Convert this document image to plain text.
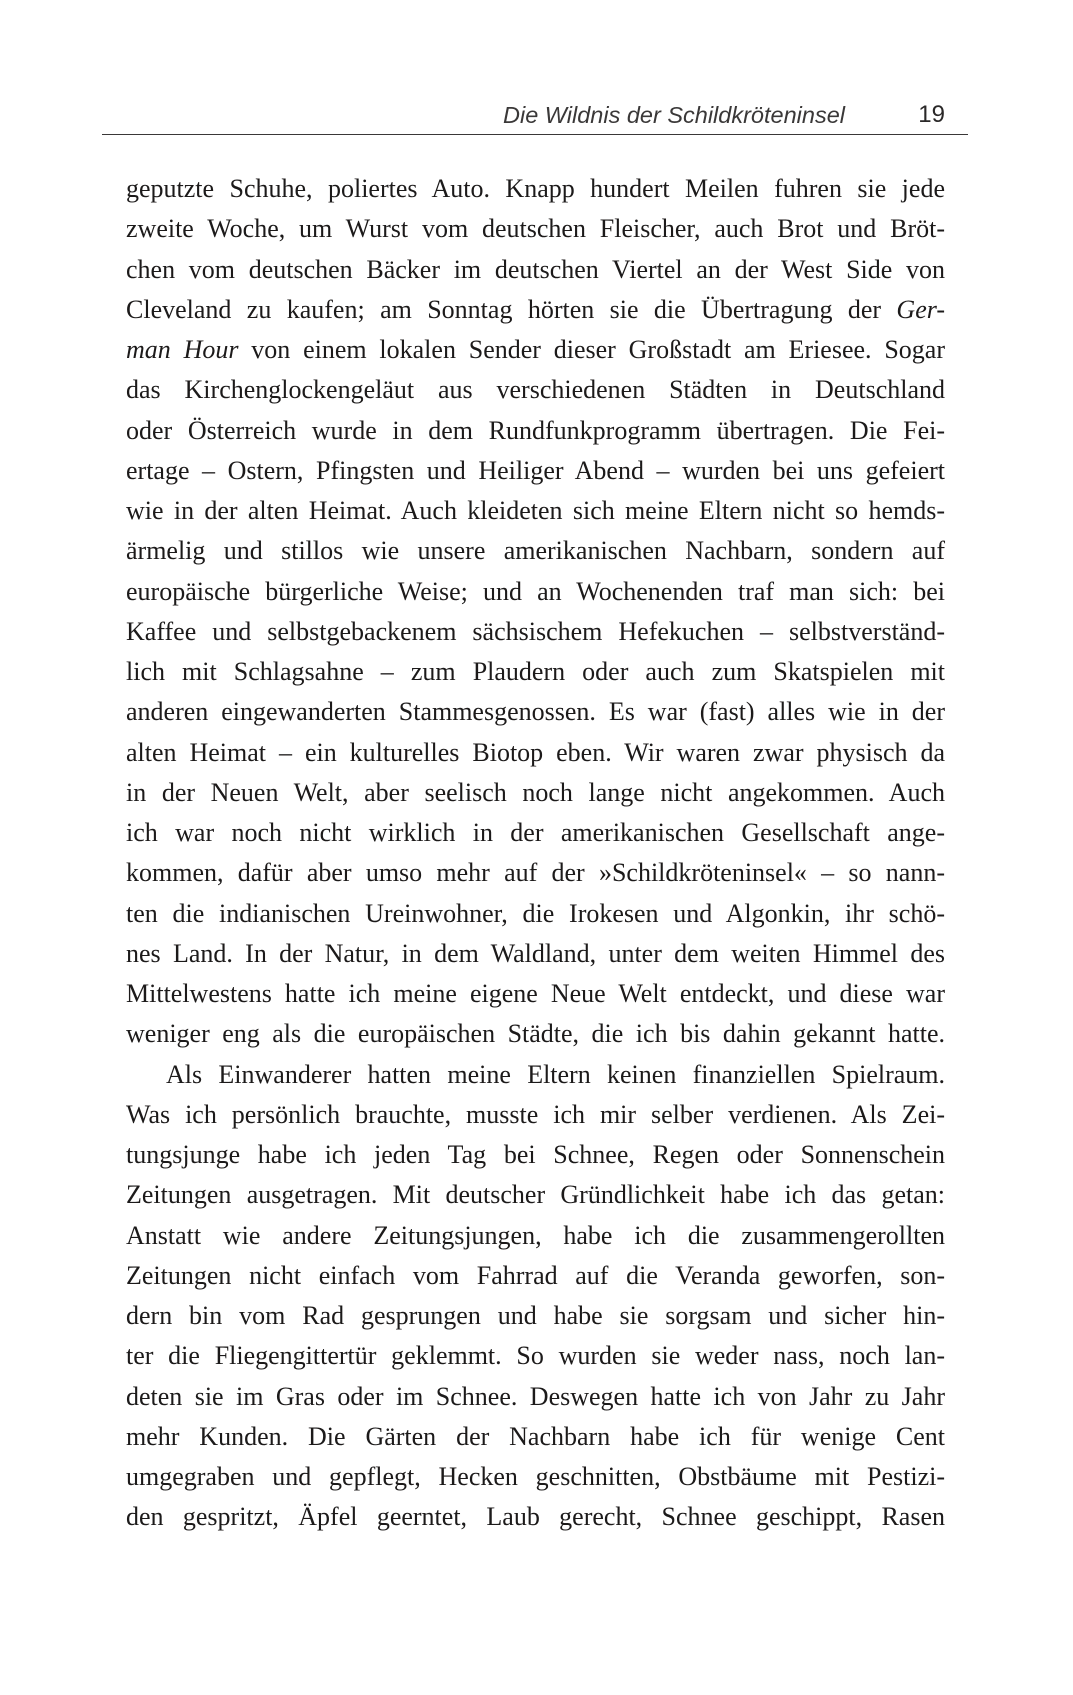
Die Wildnis der Schildkröteninsel	19
geputzte Schuhe, poliertes Auto. Knapp hundert Meilen fuhren sie jede
zweite Woche, um Wurst vom deutschen Fleischer, auch Brot und Bröt-
chen vom deutschen Bäcker im deutschen Viertel an der West Side von
Cleveland zu kaufen; am Sonntag hörten sie die Übertragung der Ger-
man Hour von einem lokalen Sender dieser Großstadt am Eriesee. Sogar
das Kirchenglockengeläut aus verschiedenen Städten in Deutschland
oder Österreich wurde in dem Rundfunkprogramm übertragen. Die Fei-
ertage – Ostern, Pfingsten und Heiliger Abend – wurden bei uns gefeiert
wie in der alten Heimat. Auch kleideten sich meine Eltern nicht so hemds-
ärmelig und stillos wie unsere amerikanischen Nachbarn, sondern auf
europäische bürgerliche Weise; und an Wochenenden traf man sich: bei
Kaffee und selbstgebackenem sächsischem Hefekuchen – selbstverständ-
lich mit Schlagsahne – zum Plaudern oder auch zum Skatspielen mit
anderen eingewanderten Stammesgenossen. Es war (fast) alles wie in der
alten Heimat – ein kulturelles Biotop eben. Wir waren zwar physisch da
in der Neuen Welt, aber seelisch noch lange nicht angekommen. Auch
ich war noch nicht wirklich in der amerikanischen Gesellschaft ange-
kommen, dafür aber umso mehr auf der »Schildkröteninsel« – so nann-
ten die indianischen Ureinwohner, die Irokesen und Algonkin, ihr schö-
nes Land. In der Natur, in dem Waldland, unter dem weiten Himmel des
Mittelwestens hatte ich meine eigene Neue Welt entdeckt, und diese war
weniger eng als die europäischen Städte, die ich bis dahin gekannt hatte.
Als Einwanderer hatten meine Eltern keinen finanziellen Spielraum.
Was ich persönlich brauchte, musste ich mir selber verdienen. Als Zei-
tungsjunge habe ich jeden Tag bei Schnee, Regen oder Sonnenschein
Zeitungen ausgetragen. Mit deutscher Gründlichkeit habe ich das getan:
Anstatt wie andere Zeitungsjungen, habe ich die zusammengerollten
Zeitungen nicht einfach vom Fahrrad auf die Veranda geworfen, son-
dern bin vom Rad gesprungen und habe sie sorgsam und sicher hin-
ter die Fliegengittertür geklemmt. So wurden sie weder nass, noch lan-
deten sie im Gras oder im Schnee. Deswegen hatte ich von Jahr zu Jahr
mehr Kunden. Die Gärten der Nachbarn habe ich für wenige Cent
umgegraben und gepflegt, Hecken geschnitten, Obstbäume mit Pestizi-
den gespritzt, Äpfel geerntet, Laub gerecht, Schnee geschippt, Rasen
